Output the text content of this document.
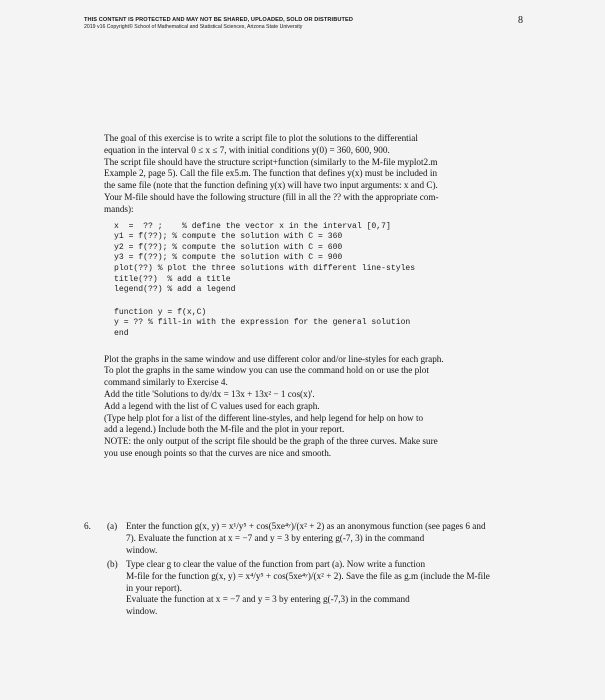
THIS CONTENT IS PROTECTED AND MAY NOT BE SHARED, UPLOADED, SOLD OR DISTRIBUTED
2019 v16 Copyright© School of Mathematical and Statistical Sciences, Arizona State University
8

The goal of this exercise is to write a script file to plot the solutions to the differential

equation in the interval 0 ≤ x ≤ 7, with initial conditions y(0) = 360, 600, 900.

The script file should have the structure script+function (similarly to the M-file myplot2.m

Example 2, page 5). Call the file ex5.m. The function that defines y(x) must be included in

the same file (note that the function defining y(x) will have two input arguments: x and C).

Your M-file should have the following structure (fill in all the ?? with the appropriate com-

mands):

x  =  ?? ;    % define the vector x in the interval [0,7]
y1 = f(??); % compute the solution with C = 360
y2 = f(??); % compute the solution with C = 600
y3 = f(??); % compute the solution with C = 900
plot(??) % plot the three solutions with different line-styles
title(??)  % add a title
legend(??) % add a legend
function y = f(x,C)
y = ?? % fill-in with the expression for the general solution
end

Plot the graphs in the same window and use different color and/or line-styles for each graph.

To plot the graphs in the same window you can use the command hold on or use the plot

command similarly to Exercise 4.

Add the title 'Solutions to dy/dx = 13x + 13x² − 1 cos(x)'.

Add a legend with the list of C values used for each graph.

(Type help plot for a list of the different line-styles, and help legend for help on how to

add a legend.) Include both the M-file and the plot in your report.

NOTE: the only output of the script file should be the graph of the three curves. Make sure

you use enough points so that the curves are nice and smooth.

6. (a) Enter the function g(x, y) = x¹/y⁵ + cos(5xe⁴ʸ)/(x² + 2) as an anonymous function (see pages 6 and
7). Evaluate the function at x = −7 and y = 3 by entering g(-7, 3) in the command
window.
(b) Type clear g to clear the value of the function from part (a). Now write a function
M-file for the function g(x, y) = x⁴/y⁵ + cos(5xe⁴ʸ)/(x² + 2). Save the file as g.m (include the M-file
in your report).
Evaluate the function at x = −7 and y = 3 by entering g(-7,3) in the command
window.
